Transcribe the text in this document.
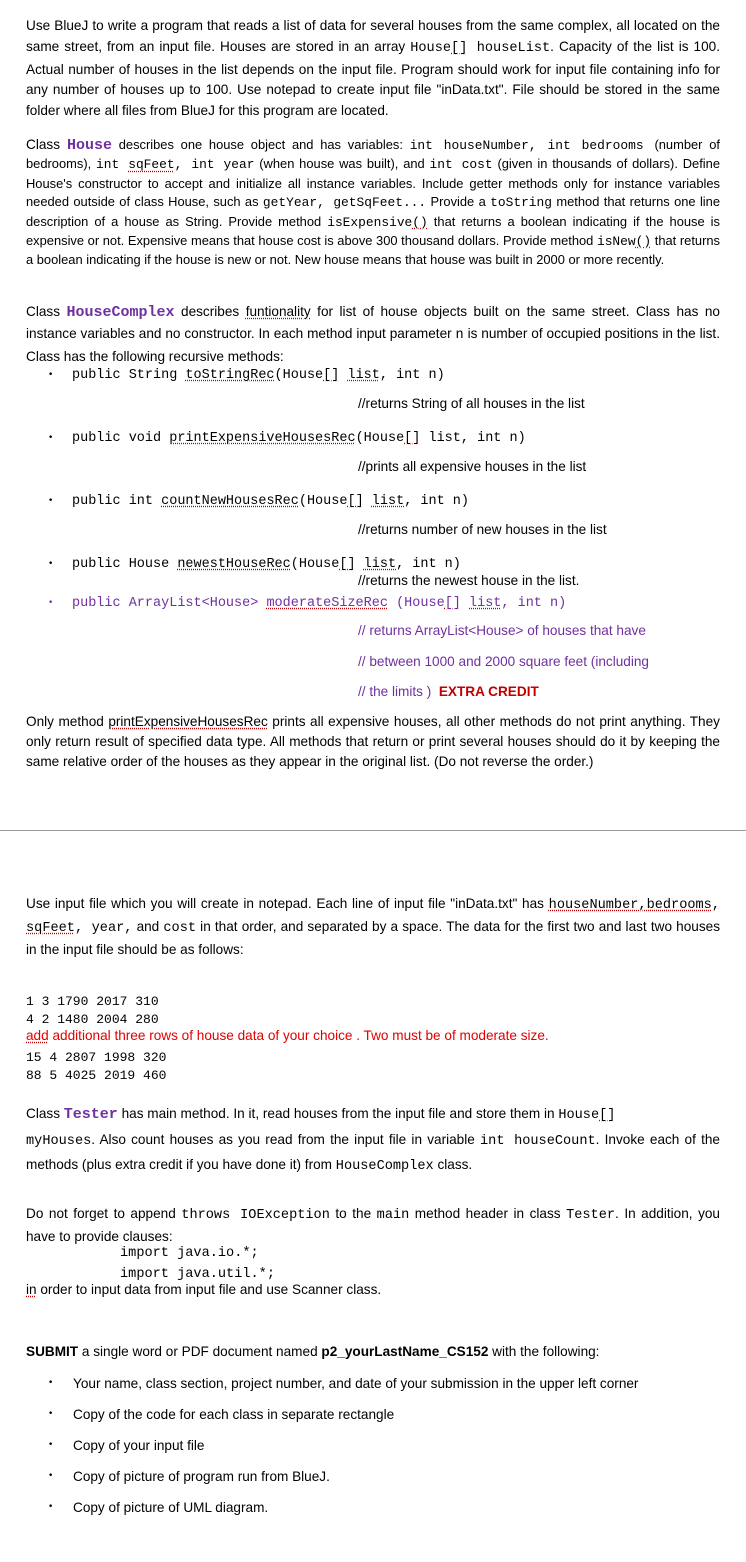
Use BlueJ to write a program that reads a list of data for several houses from the same complex, all located on the same street, from an input file. Houses are stored in an array House[] houseList. Capacity of the list is 100. Actual number of houses in the list depends on the input file. Program should work for input file containing info for any number of houses up to 100. Use notepad to create input file "inData.txt". File should be stored in the same folder where all files from BlueJ for this program are located.

Class House describes one house object and has variables: int houseNumber, int bedrooms (number of bedrooms), int sqFeet, int year (when house was built), and int cost (given in thousands of dollars). Define House's constructor to accept and initialize all instance variables. Include getter methods only for instance variables needed outside of class House, such as getYear, getSqFeet... Provide a toString method that returns one line description of a house as String. Provide method isExpensive() that returns a boolean indicating if the house is expensive or not. Expensive means that house cost is above 300 thousand dollars. Provide method isNew() that returns a boolean indicating if the house is new or not. New house means that house was built in 2000 or more recently.

Class HouseComplex describes funtionality for list of house objects built on the same street. Class has no instance variables and no constructor. In each method input parameter n is number of occupied positions in the list. Class has the following recursive methods:

• public String toStringRec(House[] list, int n)
//returns String of all houses in the list
• public void printExpensiveHousesRec(House[] list, int n)
//prints all expensive houses in the list
• public int countNewHousesRec(House[] list, int n)
//returns number of new houses in the list
• public House newestHouseRec(House[] list, int n)
//returns the newest house in the list.
• public ArrayList<House> moderateSizeRec (House[] list, int n)
// returns ArrayList<House> of houses that have
// between 1000 and 2000 square feet (including
// the limits ) EXTRA CREDIT

Only method printExpensiveHousesRec prints all expensive houses, all other methods do not print anything. They only return result of specified data type. All methods that return or print several houses should do it by keeping the same relative order of the houses as they appear in the original list. (Do not reverse the order.)

Use input file which you will create in notepad. Each line of input file "inData.txt" has houseNumber,bedrooms, sqFeet, year, and cost in that order, and separated by a space. The data for the first two and last two houses in the input file should be as follows:

1 3 1790 2017 310
4 2 1480 2004 280
add additional three rows of house data of your choice . Two must be of moderate size.
15 4 2807 1998 320
88 5 4025 2019 460

Class Tester has main method. In it, read houses from the input file and store them in House[]
myHouses. Also count houses as you read from the input file in variable int houseCount. Invoke each of the methods (plus extra credit if you have done it) from HouseComplex class.

Do not forget to append throws IOException to the main method header in class Tester. In addition, you have to provide clauses:

import java.io.*;
import java.util.*;
in order to input data from input file and use Scanner class.
SUBMIT a single word or PDF document named p2_yourLastName_CS152 with the following:
• Your name, class section, project number, and date of your submission in the upper left corner
• Copy of the code for each class in separate rectangle
• Copy of your input file
• Copy of picture of program run from BlueJ.
• Copy of picture of UML diagram.
